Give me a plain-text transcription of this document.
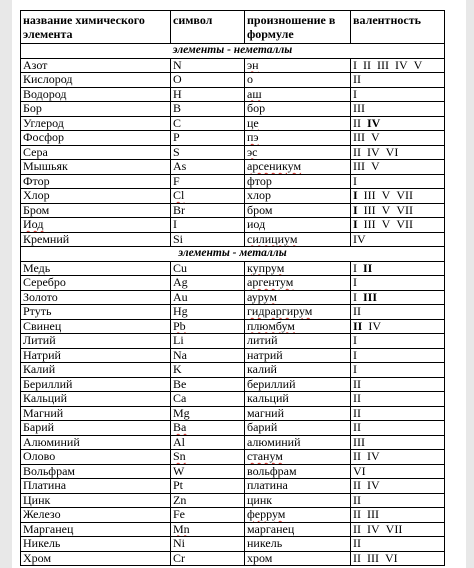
название химического элемента	символ	произношение в формуле	валентность
элементы - неметаллы			
Азот	N	эн	I  II  III  IV  V
Кислород	O	о	II
Водород	H	аш	I
Бор	B	бор	III
Углерод	C	це	II  IV
Фосфор	P	пэ	III  V
Сера	S	эс	II  IV  VI
Мышьяк	As	арсеникум	III  V
Фтор	F	фтор	I
Хлор	Cl	хлор	I  III  V  VII
Бром	Br	бром	I  III  V  VII
Иод	I	иод	I  III  V  VII
Кремний	Si	силициум	IV
элементы - металлы			
Медь	Cu	купрум	I  II
Серебро	Ag	аргентум	I
Золото	Au	аурум	I  III
Ртуть	Hg	гидраргирум	II
Свинец	Pb	плюмбум	II  IV
Литий	Li	литий	I
Натрий	Na	натрий	I
Калий	K	калий	I
Бериллий	Be	бериллий	II
Кальций	Ca	кальций	II
Магний	Mg	магний	II
Барий	Ba	барий	II
Алюминий	Al	алюминий	III
Олово	Sn	станум	II  IV
Вольфрам	W	вольфрам	VI
Платина	Pt	платина	II  IV
Цинк	Zn	цинк	II
Железо	Fe	феррум	II  III
Марганец	Mn	марганец	II  IV  VII
Никель	Ni	никель	II
Хром	Cr	хром	II  III  VI
